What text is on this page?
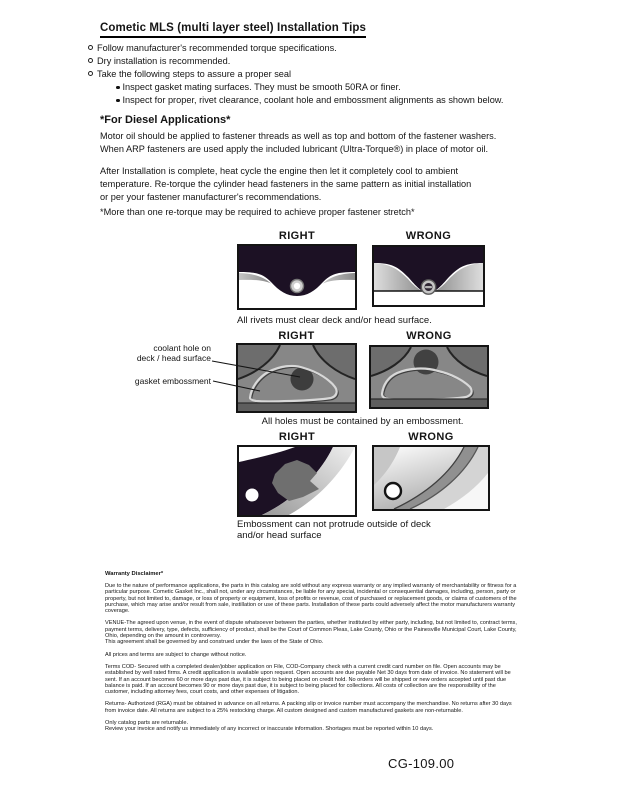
Cometic MLS (multi layer steel) Installation Tips
Follow manufacturer's recommended torque specifications.
Dry installation is recommended.
Take the following steps to assure a proper seal
Inspect gasket mating surfaces. They must be smooth 50RA or finer.
Inspect for proper, rivet clearance, coolant hole and embossment alignments as shown below.
*For Diesel Applications*
Motor oil should be applied to fastener threads as well as top and bottom of the fastener washers.
When ARP fasteners are used apply the included lubricant (Ultra-Torque®) in place of motor oil.
After Installation is complete, heat cycle the engine then let it completely cool to ambient
temperature. Re-torque the cylinder head fasteners in the same pattern as initial installation
or per your fastener manufacturer's recommendations.
*More than one re-torque may be required to achieve proper fastener stretch*
RIGHT	WRONG
All rivets must clear deck and/or head surface.
RIGHT	WRONG
coolant hole on
deck / head surface
gasket embossment
All holes must be contained by an embossment.
RIGHT	WRONG
Embossment can not protrude outside of deck
and/or head surface
Warranty Disclaimer*
Due to the nature of performance applications, the parts in this catalog are sold without any express warranty or any implied warranty of merchantability or fitness for a particular purpose. Cometic Gasket Inc., shall not, under any circumstances, be liable for any special, incidental or consequential damages, including, person, party or property, but not limited to, damage, or loss of property or equipment, loss of profits or revenue, cost of purchased or replacement goods, or claims of customers of the purchase, which may arise and/or result from sale, instillation or use of these parts. Installation of these parts could adversely affect the motor manufacturers warranty coverage.
VENUE-The agreed upon venue, in the event of dispute whatsoever between the parties, whether instituted by either party, including, but not limited to, contract terms, payment terms, delivery, type, defects, sufficiency of product, shall be the Court of Common Pleas, Lake County, Ohio or the Painesville Municipal Court, Lake County, Ohio, depending on the amount in controversy.
This agreement shall be governed by and construed under the laws of the State of Ohio.
All prices and terms are subject to change without notice.
Terms COD- Secured with a completed dealer/jobber application on File, COD-Company check with a current credit card number on file. Open accounts may be established by well rated firms. A credit application is available upon request. Open accounts are due payable Net 30 days from date of invoice. No statement will be sent. If an account becomes 60 or more days past due, it is subject to being placed on credit hold. No orders will be shipped or new orders accepted until past due balance is paid. If an account becomes 90 or more days past due, it is subject to being placed for collections. All costs of collection are the responsibility of the customer, including attorney fees, court costs, and other expenses of litigation.
Returns- Authorized (RGA) must be obtained in advance on all returns. A packing slip or invoice number must accompany the merchandise. No returns after 30 days from invoice date. All returns are subject to a 25% restocking charge. All custom designed and custom manufactured gaskets are non-returnable.
Only catalog parts are returnable.
Review your invoice and notify us immediately of any incorrect or inaccurate information. Shortages must be reported within 10 days.
CG-109.00
